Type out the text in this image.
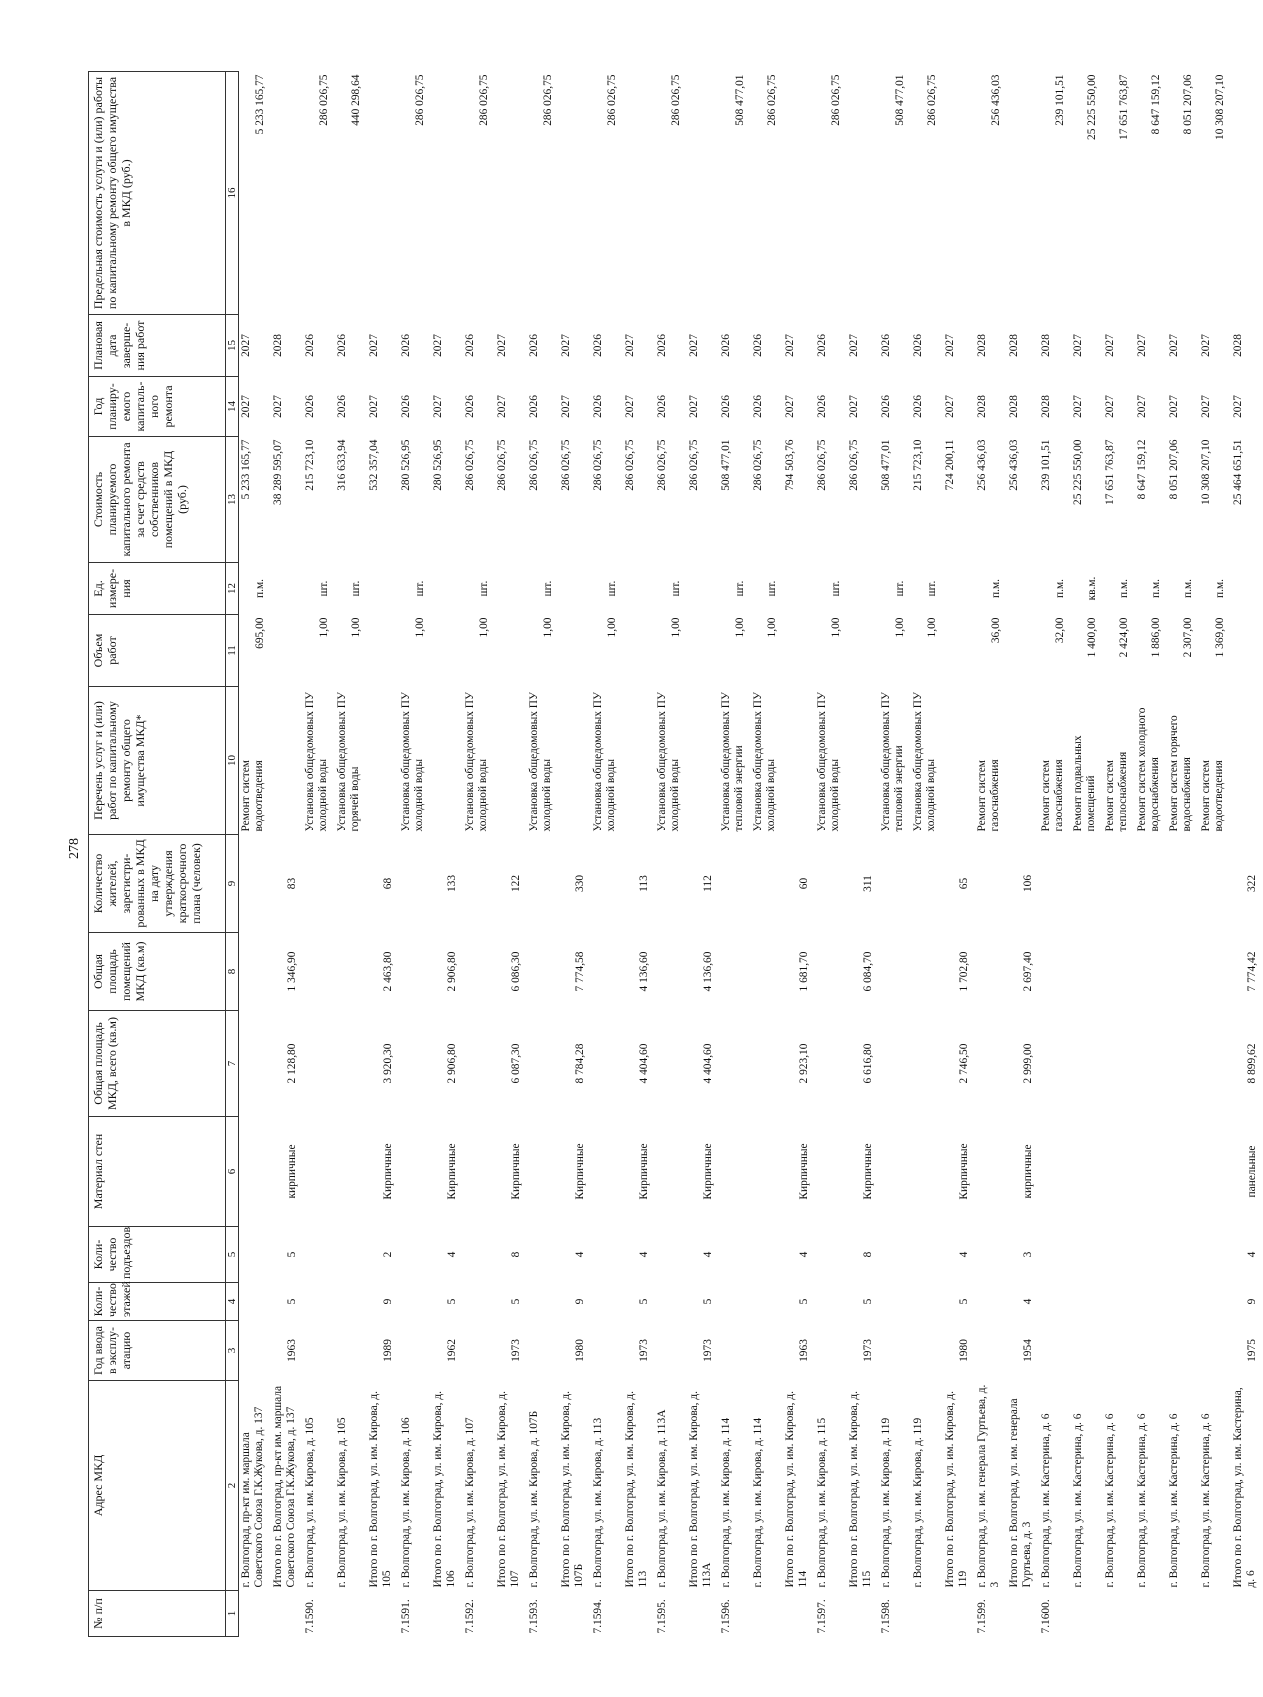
278
№ п/п	Адрес МКД	Год ввода в эксплу-атацию	Коли-чество этажей	Коли-чество подъездов	Материал стен	Общая площадь МКД, всего (кв.м)	Общая площадь помещений МКД (кв.м)	Количество жителей, зарегистри-рованных в МКД на дату утверждения краткосрочного плана (человек)	Перечень услуг и (или) работ по капитальному ремонту общего имущества МКД*	Объем работ	Ед. измере-ния	Стоимость планируемого капитального ремонта за счет средств собственников помещений в МКД (руб.)	Год планиру-емого капиталь-ного ремонта	Плановая дата заверше-ния работ	Предельная стоимость услуги и (или) работы по капитальному ремонту общего имущества в МКД (руб.)
1	2	3	4	5	6	7	8	9	10	11	12	13	14	15	16
	г. Волгоград, пр-кт им. маршала Советского Союза Г.К.Жукова, д. 137								Ремонт систем водоотведения	695,00	п.м.	5 233 165,77	2027	2027	5 233 165,77
	Итого по г. Волгоград, пр-кт им. маршала Советского Союза Г.К.Жукова, д. 137	1963	5	5	кирпичные	2 128,80	1 346,90	83				38 289 595,07	2027	2028	
7.1590.	г. Волгоград, ул. им. Кирова, д. 105								Установка общедомовых ПУ холодной воды	1,00	шт.	215 723,10	2026	2026	286 026,75
	г. Волгоград, ул. им. Кирова, д. 105								Установка общедомовых ПУ горячей воды	1,00	шт.	316 633,94	2026	2026	440 298,64
	Итого по г. Волгоград, ул. им. Кирова, д. 105	1989	9	2	Кирпичные	3 920,30	2 463,80	68				532 357,04	2027	2027	
7.1591.	г. Волгоград, ул. им. Кирова, д. 106								Установка общедомовых ПУ холодной воды	1,00	шт.	280 526,95	2026	2026	286 026,75
	Итого по г. Волгоград, ул. им. Кирова, д. 106	1962	5	4	Кирпичные	2 906,80	2 906,80	133				280 526,95	2027	2027	
7.1592.	г. Волгоград, ул. им. Кирова, д. 107								Установка общедомовых ПУ холодной воды	1,00	шт.	286 026,75	2026	2026	286 026,75
	Итого по г. Волгоград, ул. им. Кирова, д. 107	1973	5	8	Кирпичные	6 087,30	6 086,30	122				286 026,75	2027	2027	
7.1593.	г. Волгоград, ул. им. Кирова, д. 107Б								Установка общедомовых ПУ холодной воды	1,00	шт.	286 026,75	2026	2026	286 026,75
	Итого по г. Волгоград, ул. им. Кирова, д. 107Б	1980	9	4	Кирпичные	8 784,28	7 774,58	330				286 026,75	2027	2027	
7.1594.	г. Волгоград, ул. им. Кирова, д. 113								Установка общедомовых ПУ холодной воды	1,00	шт.	286 026,75	2026	2026	286 026,75
	Итого по г. Волгоград, ул. им. Кирова, д. 113	1973	5	4	Кирпичные	4 404,60	4 136,60	113				286 026,75	2027	2027	
7.1595.	г. Волгоград, ул. им. Кирова, д. 113А								Установка общедомовых ПУ холодной воды	1,00	шт.	286 026,75	2026	2026	286 026,75
	Итого по г. Волгоград, ул. им. Кирова, д. 113А	1973	5	4	Кирпичные	4 404,60	4 136,60	112				286 026,75	2027	2027	
7.1596.	г. Волгоград, ул. им. Кирова, д. 114								Установка общедомовых ПУ тепловой энергии	1,00	шт.	508 477,01	2026	2026	508 477,01
	г. Волгоград, ул. им. Кирова, д. 114								Установка общедомовых ПУ холодной воды	1,00	шт.	286 026,75	2026	2026	286 026,75
	Итого по г. Волгоград, ул. им. Кирова, д. 114	1963	5	4	Кирпичные	2 923,10	1 681,70	60				794 503,76	2027	2027	
7.1597.	г. Волгоград, ул. им. Кирова, д. 115								Установка общедомовых ПУ холодной воды	1,00	шт.	286 026,75	2026	2026	286 026,75
	Итого по г. Волгоград, ул. им. Кирова, д. 115	1973	5	8	Кирпичные	6 616,80	6 084,70	311				286 026,75	2027	2027	
7.1598.	г. Волгоград, ул. им. Кирова, д. 119								Установка общедомовых ПУ тепловой энергии	1,00	шт.	508 477,01	2026	2026	508 477,01
	г. Волгоград, ул. им. Кирова, д. 119								Установка общедомовых ПУ холодной воды	1,00	шт.	215 723,10	2026	2026	286 026,75
	Итого по г. Волгоград, ул. им. Кирова, д. 119	1980	5	4	Кирпичные	2 746,50	1 702,80	65				724 200,11	2027	2027	
7.1599.	г. Волгоград, ул. им. генерала Гуртьева, д. 3								Ремонт систем газоснабжения	36,00	п.м.	256 436,03	2028	2028	256 436,03
	Итого по г. Волгоград, ул. им. генерала Гуртьева, д. 3	1954	4	3	кирпичные	2 999,00	2 697,40	106				256 436,03	2028	2028	
7.1600.	г. Волгоград, ул. им. Кастерина, д. 6								Ремонт систем газоснабжения	32,00	п.м.	239 101,51	2028	2028	239 101,51
	г. Волгоград, ул. им. Кастерина, д. 6								Ремонт подвальных помещений	1 400,00	кв.м.	25 225 550,00	2027	2027	25 225 550,00
	г. Волгоград, ул. им. Кастерина, д. 6								Ремонт систем теплоснабжения	2 424,00	п.м.	17 651 763,87	2027	2027	17 651 763,87
	г. Волгоград, ул. им. Кастерина, д. 6								Ремонт систем холодного водоснабжения	1 886,00	п.м.	8 647 159,12	2027	2027	8 647 159,12
	г. Волгоград, ул. им. Кастерина, д. 6								Ремонт систем горячего водоснабжения	2 307,00	п.м.	8 051 207,06	2027	2027	8 051 207,06
	г. Волгоград, ул. им. Кастерина, д. 6								Ремонт систем водоотведения	1 369,00	п.м.	10 308 207,10	2027	2027	10 308 207,10
	Итого по г. Волгоград, ул. им. Кастерина, д. 6	1975	9	4	панельные	8 899,62	7 774,42	322				25 464 651,51	2027	2028	
